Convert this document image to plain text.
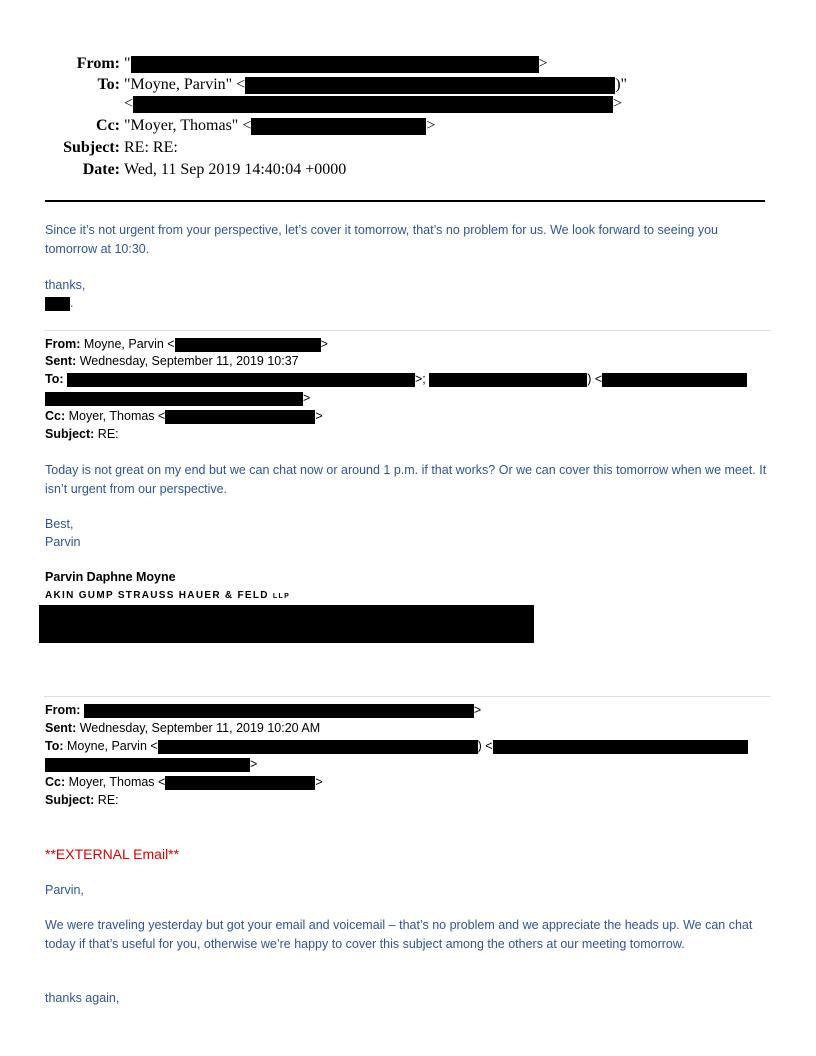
From: "	>
To: "Moyne, Parvin" <	)"
<	>
Cc: "Moyer, Thomas" <	>
Subject: RE: RE:
Date: Wed, 11 Sep 2019 14:40:04 +0000
Since it’s not urgent from your perspective, let’s cover it tomorrow, that’s no problem for us. We look forward to seeing you tomorrow at 10:30.
thanks,
.
From: Moyne, Parvin <	>
Sent: Wednesday, September 11, 2019 10:37
To:	>;	) <
>
Cc: Moyer, Thomas <	>
Subject: RE:
Today is not great on my end but we can chat now or around 1 p.m. if that works? Or we can cover this tomorrow when we meet. It isn’t urgent from our perspective.
Best,
Parvin
Parvin Daphne Moyne
AKIN GUMP STRAUSS HAUER & FELD LLP
From:	>
Sent: Wednesday, September 11, 2019 10:20 AM
To: Moyne, Parvin <	) <
>
Cc: Moyer, Thomas <	>
Subject: RE:
**EXTERNAL Email**
Parvin,
We were traveling yesterday but got your email and voicemail – that’s no problem and we appreciate the heads up. We can chat today if that’s useful for you, otherwise we’re happy to cover this subject among the others at our meeting tomorrow.
thanks again,
